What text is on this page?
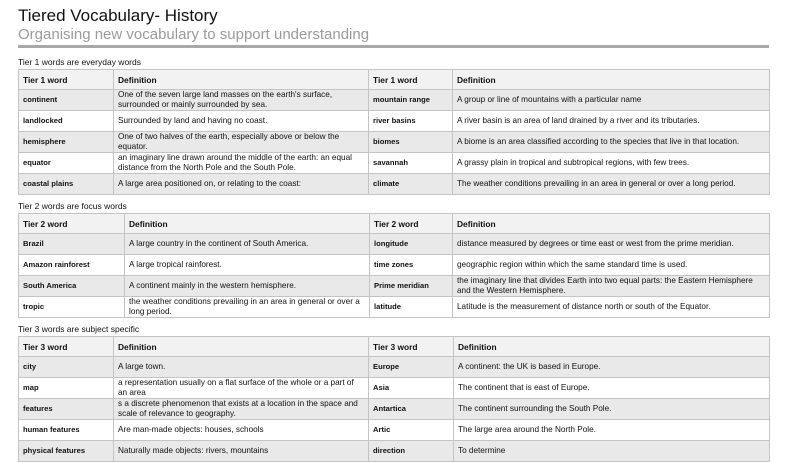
Tiered Vocabulary- History
Organising new vocabulary to support understanding
Tier 1 words are everyday words
Tier 1 word	Definition	Tier 1 word	Definition
continent	One of the seven large land masses on the earth's surface, surrounded or mainly surrounded by sea.	mountain range	A group or line of mountains with a particular name
landlocked	Surrounded by land and having no coast.	river basins	A river basin is an area of land drained by a river and its tributaries.
hemisphere	One of two halves of the earth, especially above or below the equator.	biomes	A biome is an area classified according to the species that live in that location.
equator	an imaginary line drawn around the middle of the earth: an equal distance from the North Pole and the South Pole.	savannah	A grassy plain in tropical and subtropical regions, with few trees.
coastal plains	A large area positioned on, or relating to the coast:	climate	The weather conditions prevailing in an area in general or over a long period.
Tier 2 words are focus words
Tier 2 word	Definition	Tier 2 word	Definition
Brazil	A large country in the continent of South America.	longitude	distance measured by degrees or time east or west from the prime meridian.
Amazon rainforest	A large tropical rainforest.	time zones	geographic region within which the same standard time is used.
South America	A continent mainly in the western hemisphere.	Prime meridian	the imaginary line that divides Earth into two equal parts: the Eastern Hemisphere and the Western Hemisphere.
tropic	the weather conditions prevailing in an area in general or over a long period.	latitude	Latitude is the measurement of distance north or south of the Equator.
Tier 3 words are subject specific
Tier 3 word	Definition	Tier 3 word	Definition
city	A large town.	Europe	A continent: the UK is based in Europe.
map	a representation usually on a flat surface of the whole or a part of an area	Asia	The continent that is east of Europe.
features	s a discrete phenomenon that exists at a location in the space and scale of relevance to geography.	Antartica	The continent surrounding the South Pole.
human features	Are man-made objects: houses, schools	Artic	The large area around the North Pole.
physical features	Naturally made objects: rivers, mountains	direction	To determine
